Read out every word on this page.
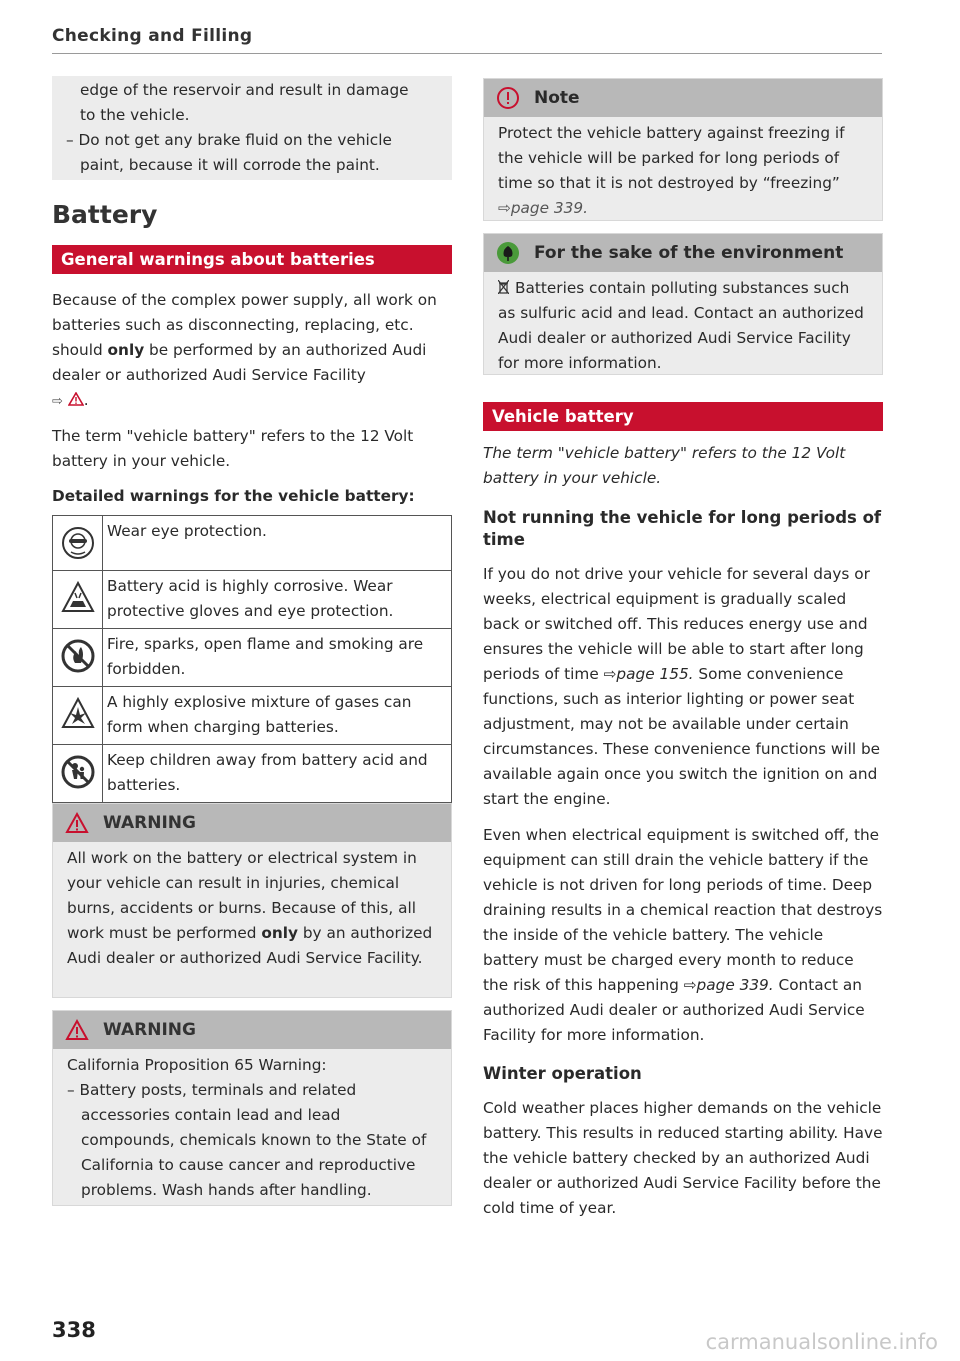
Checking and Filling
edge of the reservoir and result in damage
to the vehicle.
– Do not get any brake fluid on the vehicle paint, because it will corrode the paint.
Battery
General warnings about batteries

Because of the complex power supply, all work on batteries such as disconnecting, replacing, etc. should only be performed by an authorized Audi dealer or authorized Audi Service Facility
⇨ .

The term "vehicle battery" refers to the 12 Volt battery in your vehicle.

Detailed warnings for the vehicle battery:
	Wear eye protection.
	Battery acid is highly corrosive. Wear protective gloves and eye protection.
	Fire, sparks, open flame and smoking are forbidden.
	A highly explosive mixture of gases can form when charging batteries.
	Keep children away from battery acid and batteries.
WARNING

All work on the battery or electrical system in your vehicle can result in injuries, chemical burns, accidents or burns. Because of this, all work must be performed only by an authorized Audi dealer or authorized Audi Service Facility.

WARNING

California Proposition 65 Warning:

– Battery posts, terminals and related accessories contain lead and lead compounds, chemicals known to the State of California to cause cancer and reproductive problems. Wash hands after handling.

Note

Protect the vehicle battery against freezing if the vehicle will be parked for long periods of time so that it is not destroyed by “freezing” ⇨page 339.

For the sake of the environment

Batteries contain polluting substances such as sulfuric acid and lead. Contact an authorized Audi dealer or authorized Audi Service Facility for more information.

Vehicle battery

The term "vehicle battery" refers to the 12 Volt battery in your vehicle.

Not running the vehicle for long periods of time

If you do not drive your vehicle for several days or weeks, electrical equipment is gradually scaled back or switched off. This reduces energy use and ensures the vehicle will be able to start after long periods of time ⇨page 155. Some convenience functions, such as interior lighting or power seat adjustment, may not be available under certain circumstances. These convenience functions will be available again once you switch the ignition on and start the engine.

Even when electrical equipment is switched off, the equipment can still drain the vehicle battery if the vehicle is not driven for long periods of time. Deep draining results in a chemical reaction that destroys the inside of the vehicle battery. The vehicle battery must be charged every month to reduce the risk of this happening ⇨page 339. Contact an authorized Audi dealer or authorized Audi Service Facility for more information.

Winter operation

Cold weather places higher demands on the vehicle battery. This results in reduced starting ability. Have the vehicle battery checked by an authorized Audi dealer or authorized Audi Service Facility before the cold time of year.

338	carmanualsonline.info
